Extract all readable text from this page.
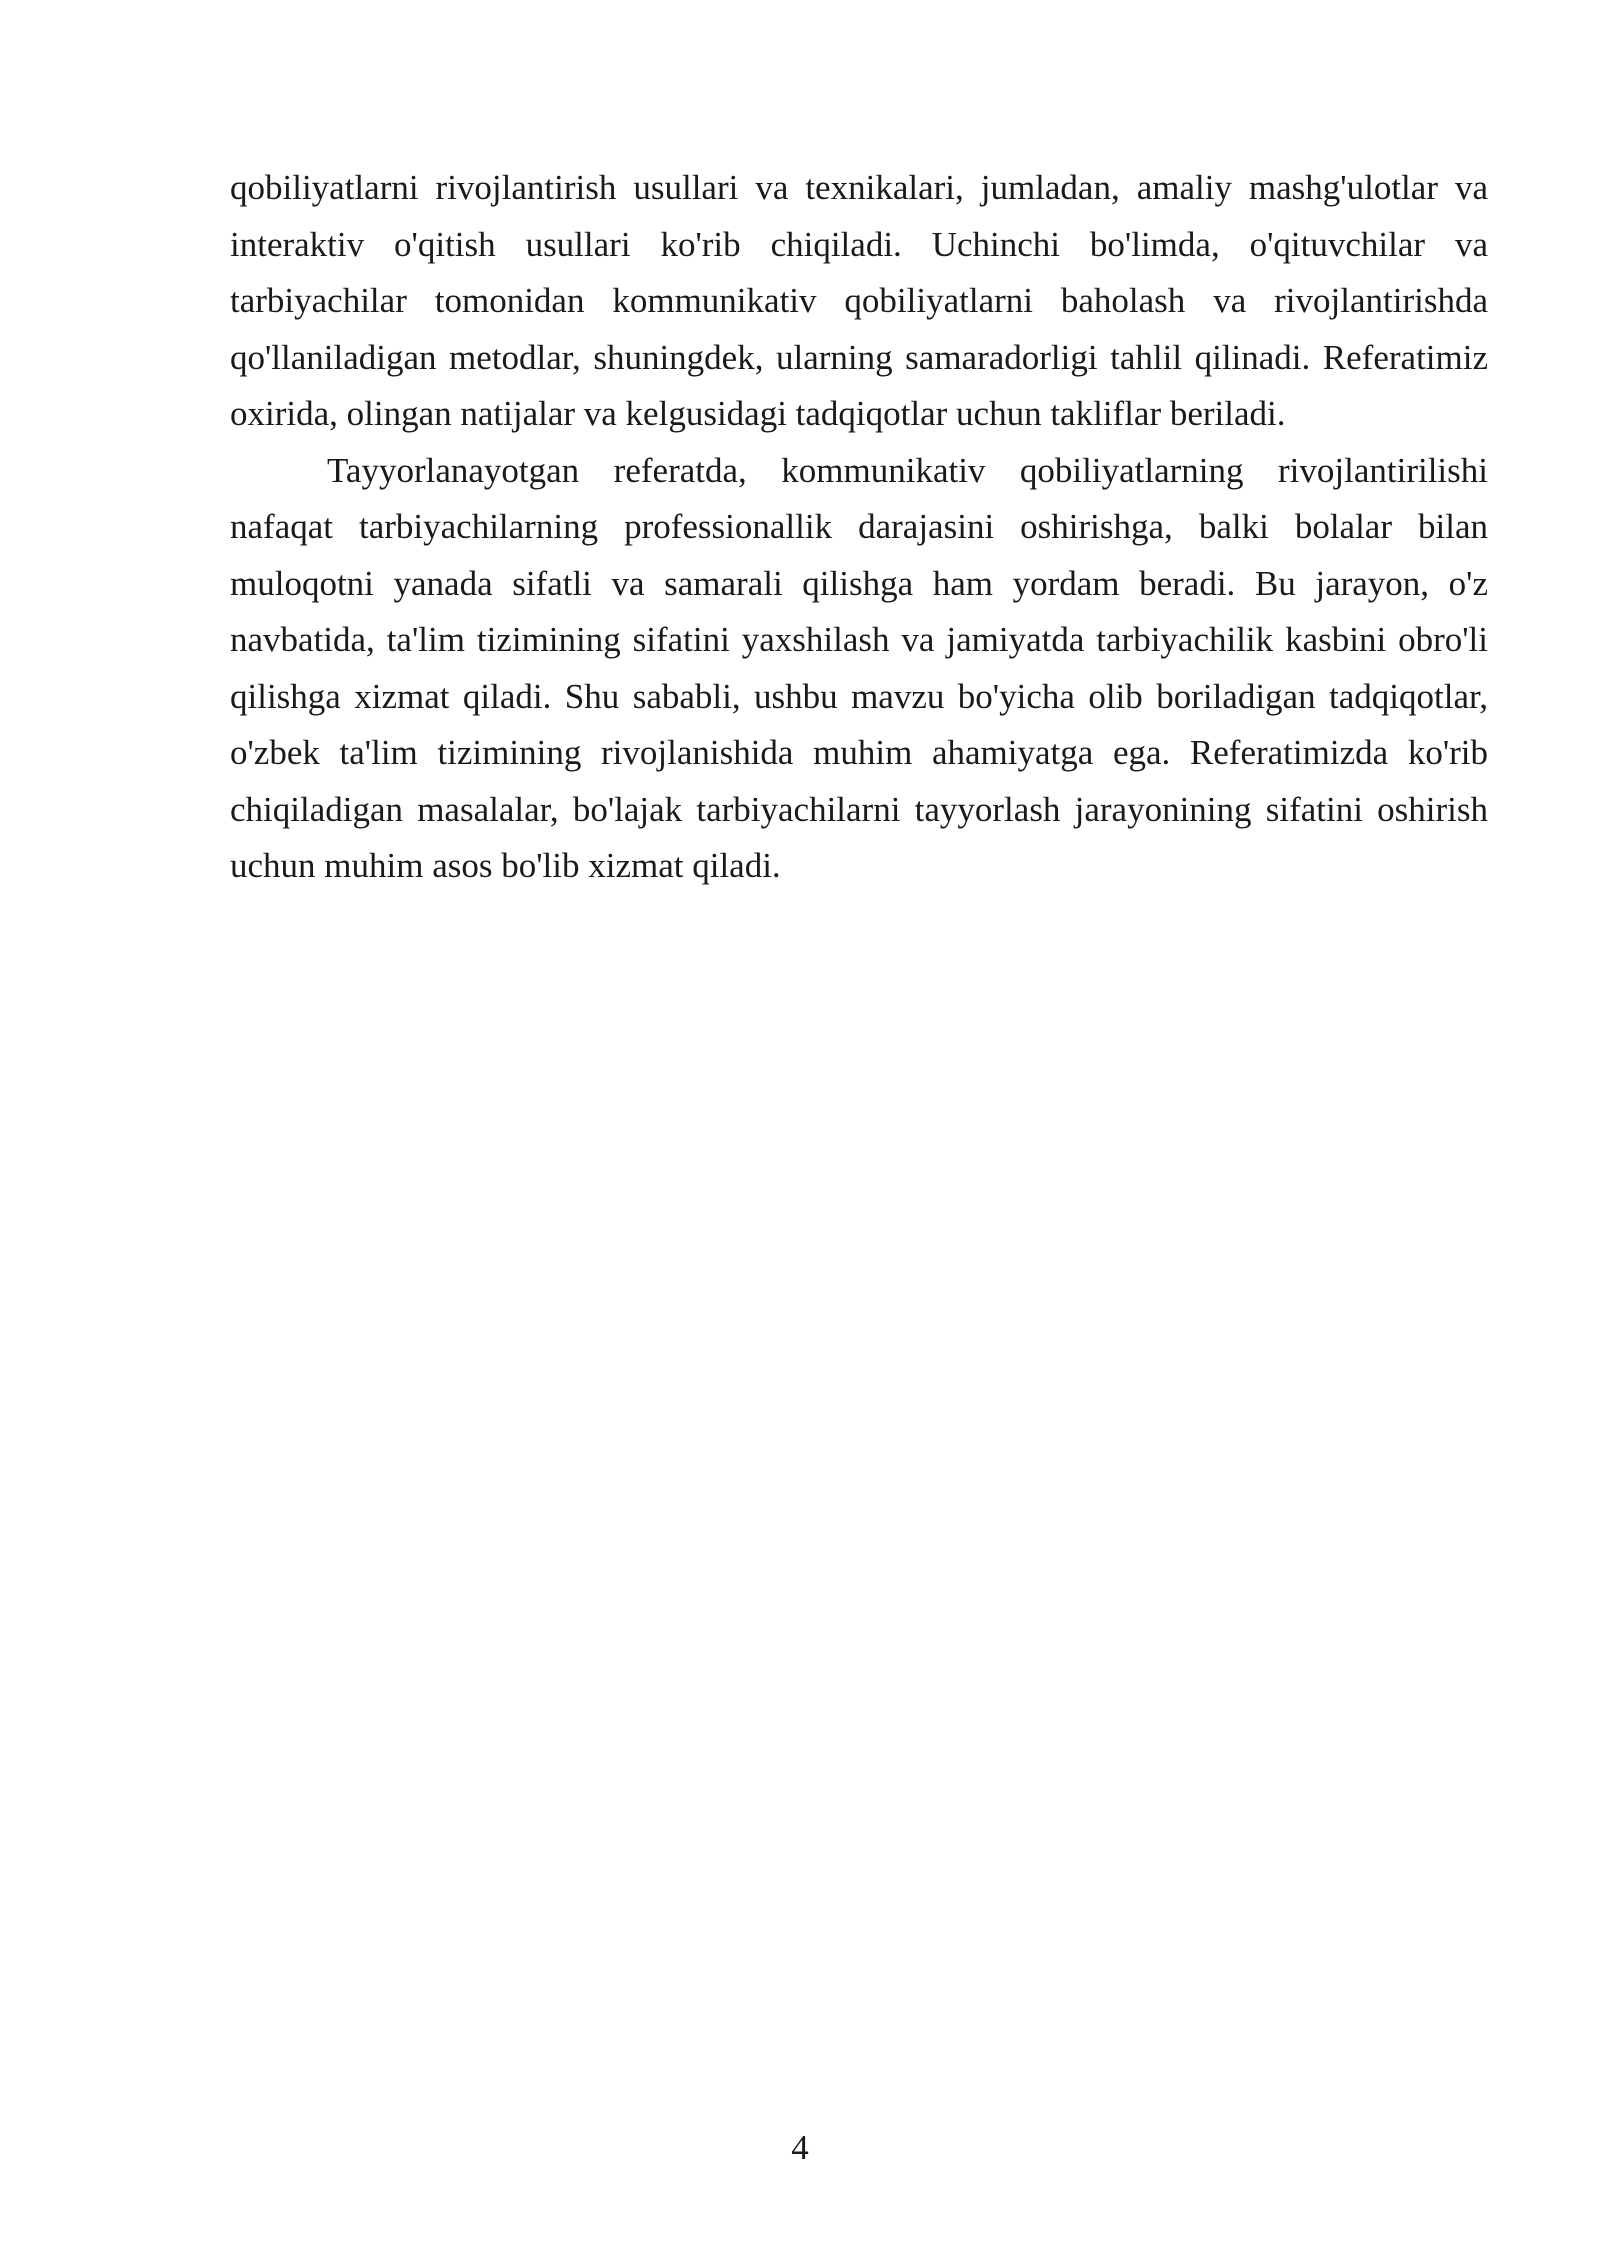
qobiliyatlarni rivojlantirish usullari va texnikalari, jumladan, amaliy mashg'ulotlar va interaktiv o'qitish usullari ko'rib chiqiladi. Uchinchi bo'limda, o'qituvchilar va tarbiyachilar tomonidan kommunikativ qobiliyatlarni baholash va rivojlantirishda qo'llaniladigan metodlar, shuningdek, ularning samaradorligi tahlil qilinadi. Referatimiz oxirida, olingan natijalar va kelgusidagi tadqiqotlar uchun takliflar beriladi.

Tayyorlanayotgan referatda, kommunikativ qobiliyatlarning rivojlantirilishi nafaqat tarbiyachilarning professionallik darajasini oshirishga, balki bolalar bilan muloqotni yanada sifatli va samarali qilishga ham yordam beradi. Bu jarayon, o'z navbatida, ta'lim tizimining sifatini yaxshilash va jamiyatda tarbiyachilik kasbini obro'li qilishga xizmat qiladi. Shu sababli, ushbu mavzu bo'yicha olib boriladigan tadqiqotlar, o'zbek ta'lim tizimining rivojlanishida muhim ahamiyatga ega. Referatimizda ko'rib chiqiladigan masalalar, bo'lajak tarbiyachilarni tayyorlash jarayonining sifatini oshirish uchun muhim asos bo'lib xizmat qiladi.

4
